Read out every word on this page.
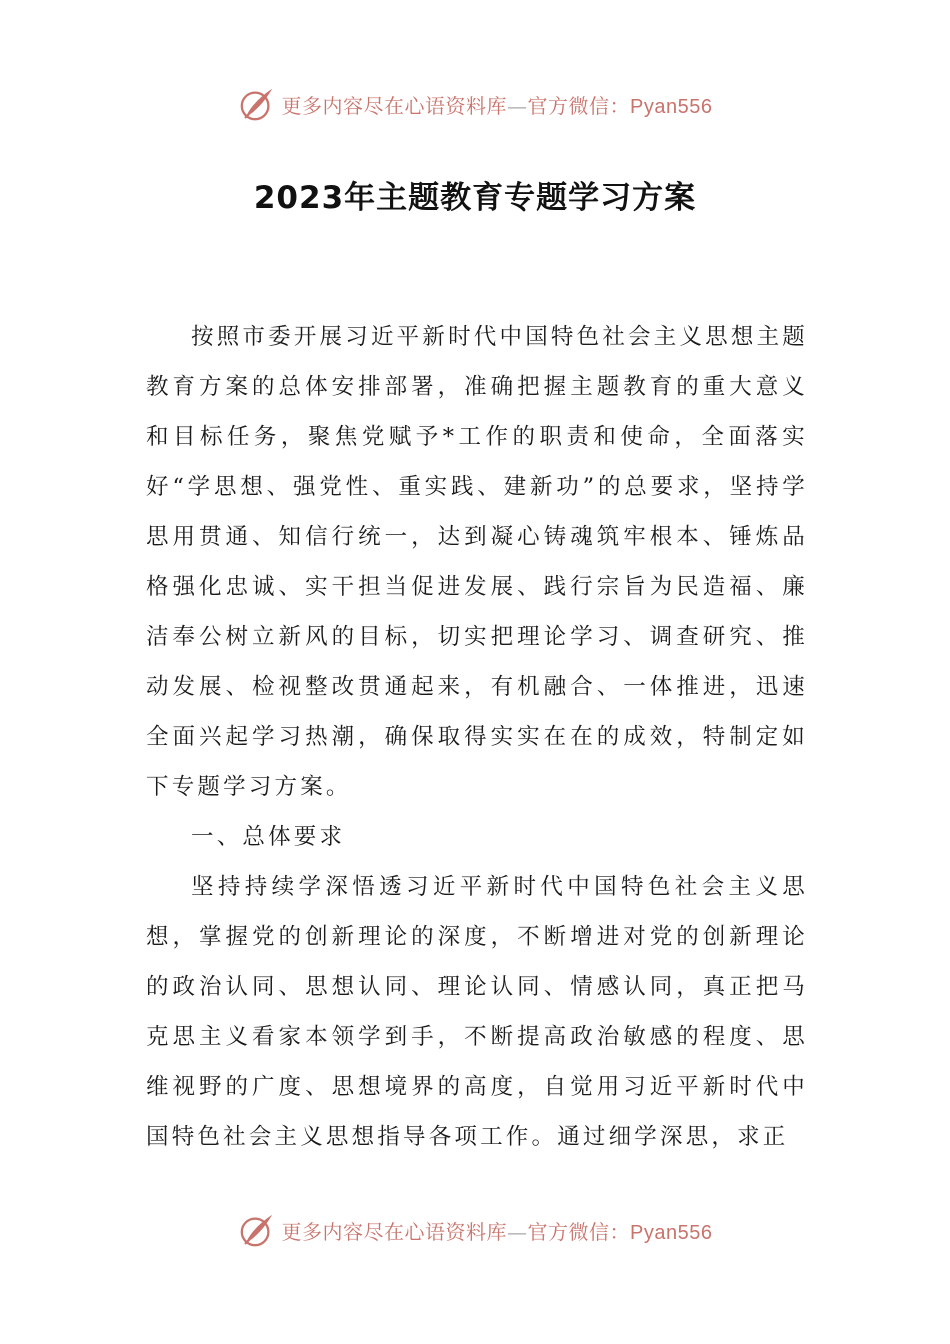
更多内容尽在心语资料库—官方微信：Pyan556
2023年主题教育专题学习方案

按照市委开展习近平新时代中国特色社会主义思想主题教育方案的总体安排部署，准确把握主题教育的重大意义和目标任务，聚焦党赋予*工作的职责和使命，全面落实好“学思想、强党性、重实践、建新功”的总要求，坚持学思用贯通、知信行统一，达到凝心铸魂筑牢根本、锤炼品格强化忠诚、实干担当促进发展、践行宗旨为民造福、廉洁奉公树立新风的目标，切实把理论学习、调查研究、推动发展、检视整改贯通起来，有机融合、一体推进，迅速全面兴起学习热潮，确保取得实实在在的成效，特制定如下专题学习方案。

一、总体要求

坚持持续学深悟透习近平新时代中国特色社会主义思想，掌握党的创新理论的深度，不断增进对党的创新理论的政治认同、思想认同、理论认同、情感认同，真正把马克思主义看家本领学到手，不断提高政治敏感的程度、思维视野的广度、思想境界的高度，自觉用习近平新时代中国特色社会主义思想指导各项工作。通过细学深思，求正

更多内容尽在心语资料库—官方微信：Pyan556
